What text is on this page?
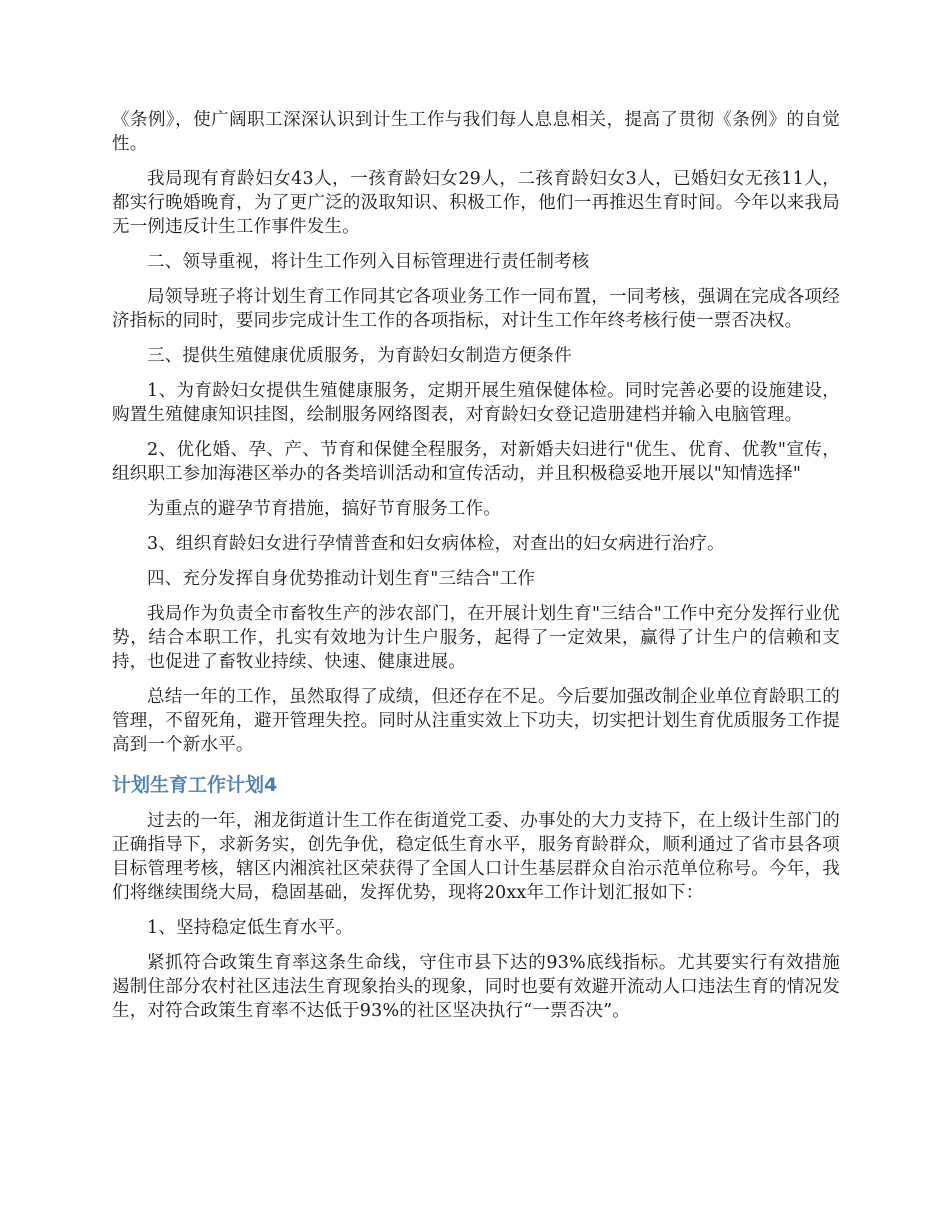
《条例》，使广阔职工深深认识到计生工作与我们每人息息相关，提高了贯彻《条例》的自觉性。

我局现有育龄妇女43人，一孩育龄妇女29人，二孩育龄妇女3人，已婚妇女无孩11人，都实行晚婚晚育，为了更广泛的汲取知识、积极工作，他们一再推迟生育时间。今年以来我局无一例违反计生工作事件发生。

二、领导重视，将计生工作列入目标管理进行责任制考核

局领导班子将计划生育工作同其它各项业务工作一同布置，一同考核，强调在完成各项经济指标的同时，要同步完成计生工作的各项指标，对计生工作年终考核行使一票否决权。

三、提供生殖健康优质服务，为育龄妇女制造方便条件

1、为育龄妇女提供生殖健康服务，定期开展生殖保健体检。同时完善必要的设施建设，购置生殖健康知识挂图，绘制服务网络图表，对育龄妇女登记造册建档并输入电脑管理。

2、优化婚、孕、产、节育和保健全程服务，对新婚夫妇进行"优生、优育、优教"宣传，组织职工参加海港区举办的各类培训活动和宣传活动，并且积极稳妥地开展以"知情选择"

为重点的避孕节育措施，搞好节育服务工作。

3、组织育龄妇女进行孕情普查和妇女病体检，对查出的妇女病进行治疗。

四、充分发挥自身优势推动计划生育"三结合"工作

我局作为负责全市畜牧生产的涉农部门，在开展计划生育"三结合"工作中充分发挥行业优势，结合本职工作，扎实有效地为计生户服务，起得了一定效果，赢得了计生户的信赖和支持，也促进了畜牧业持续、快速、健康进展。

总结一年的工作，虽然取得了成绩，但还存在不足。今后要加强改制企业单位育龄职工的管理，不留死角，避开管理失控。同时从注重实效上下功夫，切实把计划生育优质服务工作提高到一个新水平。

计划生育工作计划4

过去的一年，湘龙街道计生工作在街道党工委、办事处的大力支持下，在上级计生部门的正确指导下，求新务实，创先争优，稳定低生育水平，服务育龄群众，顺利通过了省市县各项目标管理考核，辖区内湘滨社区荣获得了全国人口计生基层群众自治示范单位称号。今年，我们将继续围绕大局，稳固基础，发挥优势，现将20xx年工作计划汇报如下：

1、坚持稳定低生育水平。

紧抓符合政策生育率这条生命线，守住市县下达的93%底线指标。尤其要实行有效措施遏制住部分农村社区违法生育现象抬头的现象，同时也要有效避开流动人口违法生育的情况发生，对符合政策生育率不达低于93%的社区坚决执行“一票否决”。
